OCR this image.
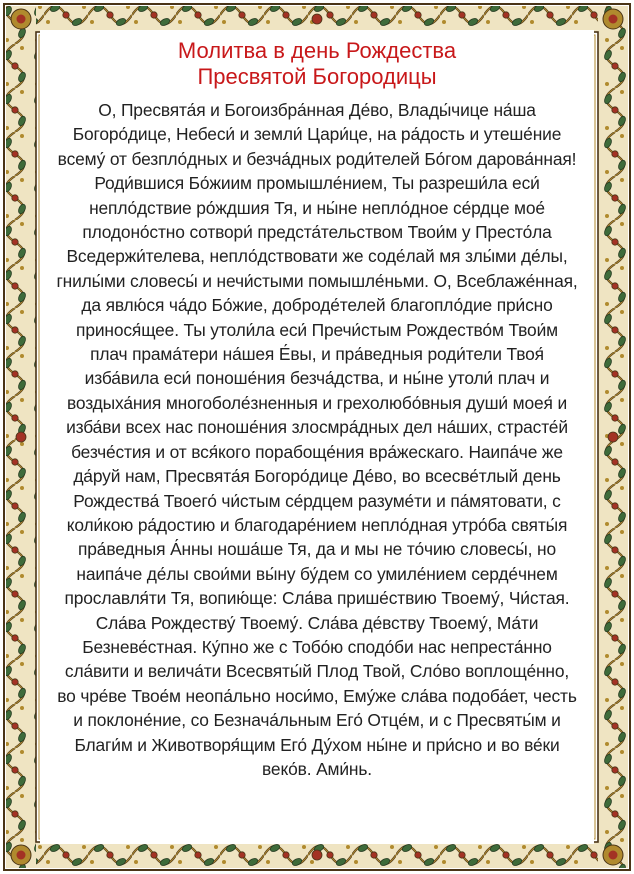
Молитва в день Рождества
Пресвятой Богородицы
О, Пресвята́я и Богоизбра́нная Де́во, Влады́чице на́ша Богоро́дице, Небеси́ и земли́ Цари́це, на ра́дость и утеше́ние всему́ от безпло́дных и безча́дных роди́телей Бо́гом дарова́нная! Роди́вшися Бо́жиим промышле́нием, Ты разреши́ла еси́ непло́дствие ро́ждшия Тя, и ны́не непло́дное се́рдце мое́ плодоно́стно сотвори́ предста́тельством Твои́м у Престо́ла Вседержи́телева, непло́дствовати же соде́лай мя злы́ми де́лы, гнилы́ми словесы́ и нечи́стыми помышле́ньми. О, Всеблаже́нная, да явлю́ся ча́до Бо́жие, доброде́телей благопло́дие при́сно принося́щее. Ты утоли́ла еси́ Пречи́стым Рождество́м Твои́м плач прама́тери на́шея Е́вы, и пра́ведныя роди́тели Твоя́ изба́вила еси́ поноше́ния безча́дства, и ны́не утоли́ плач и воздыха́ния многоболе́зненныя и грехолюбо́вныя души́ моея́ и изба́ви всех нас поноше́ния злосмра́дных дел на́ших, страсте́й безче́стия и от вся́кого порабоще́ния вра́жескаго. Наипа́че же да́руй нам, Пресвята́я Богоро́дице Де́во, во всесве́тлый день Рождества́ Твоего́ чи́стым се́рдцем разуме́ти и па́мятовати, с коли́кою ра́достию и благодаре́нием непло́дная утро́ба святы́я пра́ведныя А́нны ноша́ше Тя, да и мы не то́чию словесы́, но наипа́че де́лы свои́ми вы́ну бу́дем со умиле́нием серде́чнем прославля́ти Тя, вопию́ще: Сла́ва прише́ствию Твоему́, Чи́стая. Сла́ва Рождеству́ Твоему́. Сла́ва де́вству Твоему́, Ма́ти Безневе́стная. Ку́пно же с Тобо́ю сподо́би нас непреста́нно сла́вити и велича́ти Всесвяты́й Плод Твой, Сло́во воплоще́нно, во чре́ве Твое́м неопа́льно носи́мо, Ему́же сла́ва подоба́ет, честь и поклоне́ние, со Безнача́льным Его́ Отце́м, и с Пресвяты́м и Благи́м и Животворя́щим Его́ Ду́хом ны́не и при́сно и во ве́ки веко́в. Ами́нь.
